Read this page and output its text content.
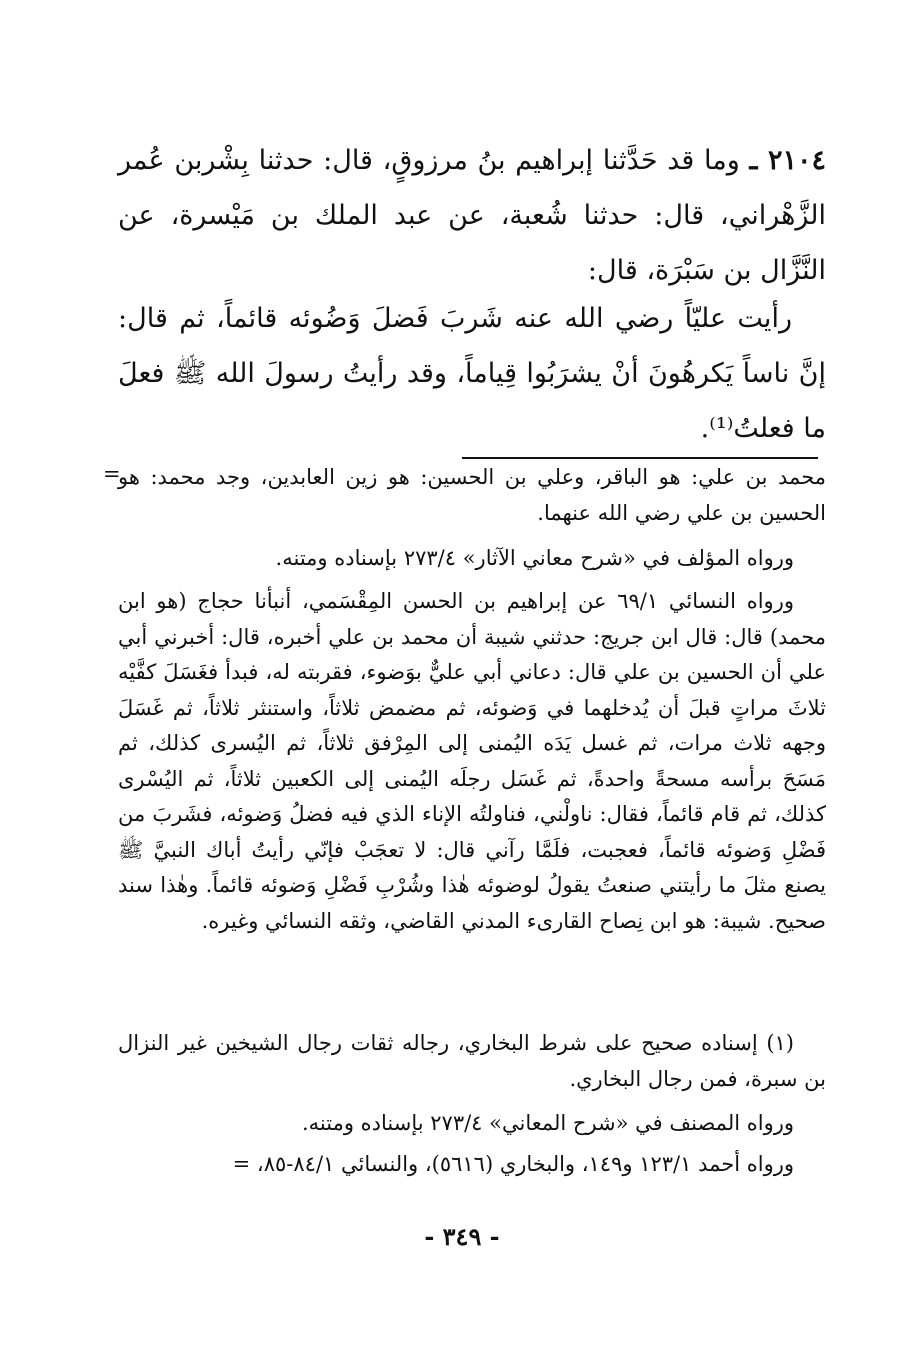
٢١٠٤ ـ وما قد حَدَّثنا إبراهيم بنُ مرزوقٍ، قال: حدثنا بِشْربن عُمر الزَّهْراني، قال: حدثنا شُعبة، عن عبد الملك بن مَيْسرة، عن النَّزَّال بن سَبْرَة، قال:

رأيت عليّاً رضي الله عنه شَربَ فَضلَ وَضُوئه قائماً، ثم قال: إنَّ ناساً يَكرهُونَ أنْ يشرَبُوا قِياماً، وقد رأيتُ رسولَ الله ﷺ فعلَ ما فعلتُ⁽¹⁾.

=

محمد بن علي: هو الباقر، وعلي بن الحسين: هو زين العابدين، وجد محمد: هو الحسين بن علي رضي الله عنهما.

ورواه المؤلف في «شرح معاني الآثار» ٢٧٣/٤ بإسناده ومتنه.

ورواه النسائي ٦٩/١ عن إبراهيم بن الحسن المِقْسَمي، أنبأنا حجاج (هو ابن محمد) قال: قال ابن جريج: حدثني شيبة أن محمد بن علي أخبره، قال: أخبرني أبي علي أن الحسين بن علي قال: دعاني أبي عليٌّ بوَضوء، فقربته له، فبدأ فغَسَلَ كفَّيْه ثلاثَ مراتٍ قبلَ أن يُدخلهما في وَضوئه، ثم مضمض ثلاثاً، واستنثر ثلاثاً، ثم غَسَلَ وجهه ثلاث مرات، ثم غسل يَدَه اليُمنى إلى المِرْفق ثلاثاً، ثم اليُسرى كذلك، ثم مَسَحَ برأسه مسحةً واحدةً، ثم غَسَل رجلَه اليُمنى إلى الكعبين ثلاثاً، ثم اليُسْرى كذلك، ثم قام قائماً، فقال: ناولْني، فناولتُه الإناء الذي فيه فضلُ وَضوئه، فشَربَ من فَضْلِ وَضوئه قائماً، فعجبت، فلَمَّا رآني قال: لا تعجَبْ فإنّي رأيتُ أباك النبيَّ ﷺ يصنع مثلَ ما رأيتني صنعتُ يقولُ لوضوئه هٰذا وشُرْبِ فَضْلِ وَضوئه قائماً. وهٰذا سند صحيح. شيبة: هو ابن نِصاح القارىء المدني القاضي، وثقه النسائي وغيره.

(١) إسناده صحيح على شرط البخاري، رجاله ثقات رجال الشيخين غير النزال بن سبرة، فمن رجال البخاري.

ورواه المصنف في «شرح المعاني» ٢٧٣/٤ بإسناده ومتنه.

ورواه أحمد ١٢٣/١ و١٤٩، والبخاري (٥٦١٦)، والنسائي ٨٤/١-٨٥، =

- ٣٤٩ -
